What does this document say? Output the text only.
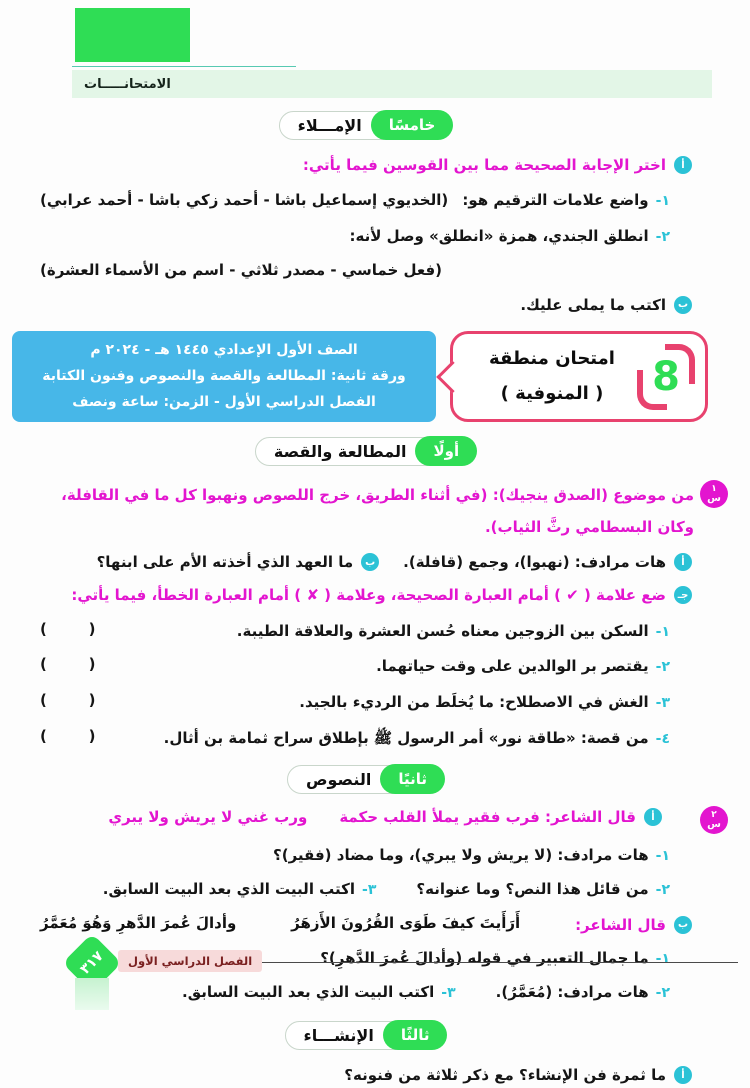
الامتحانـــــات
خامسًا
الإمـــلاء
أ
اختر الإجابة الصحيحة مما بين القوسين فيما يأتي:
١-واضع علامات الترقيم هو:
(الخديوي إسماعيل باشا - أحمد زكي باشا - أحمد عرابي)
٢-انطلق الجندي، همزة «انطلق» وصل لأنه:
(فعل خماسي - مصدر ثلاثي - اسم من الأسماء العشرة)
ب
اكتب ما يملى عليك.
8
امتحان منطقة
( المنوفية )
الصف الأول الإعدادي ١٤٤٥ هـ - ٢٠٢٤ م
ورقة ثانية: المطالعة والقصة والنصوص وفنون الكتابة
الفصل الدراسي الأول - الزمن: ساعة ونصف
أولًا
المطالعة والقصة
١
س
من موضوع (الصدق ينجيك): (في أثناء الطريق، خرج اللصوص ونهبوا كل ما في القافلة، وكان البسطامي رثَّ الثياب).
أ
هات مرادف: (نهبوا)، وجمع (قافلة).
ب
ما العهد الذي أخذته الأم على ابنها؟
جـ
ضع علامة ( ✔ ) أمام العبارة الصحيحة، وعلامة ( ✘ ) أمام العبارة الخطأ، فيما يأتي:
١-السكن بين الزوجين معناه حُسن العشرة والعلاقة الطيبة.
(        )
٢-يقتصر بر الوالدين على وقت حياتهما.
(        )
٣-الغش في الاصطلاح: ما يُخلَط من الرديء بالجيد.
(        )
٤-من قصة: «طاقة نور» أمر الرسول ﷺ بإطلاق سراح ثمامة بن أثال.
(        )
ثانيًا
النصوص
٢
س
أ
قال الشاعر: فرب فقير يملأ القلب حكمة
ورب غني لا يريش ولا يبري
١-هات مرادف: (لا يريش ولا يبري)، وما مضاد (فقير)؟
٢-من قائل هذا النص؟ وما عنوانه؟
٣-اكتب البيت الذي بعد البيت السابق.
ب
قال الشاعر:
أَرَأَيتَ كيفَ طَوَى القُرُونَ الأَزهَرُ
وأدالَ عُمرَ الدَّهرِ وَهُوَ مُعَمَّرُ
١-ما جمال التعبير في قوله (وأدالَ عُمرَ الدَّهرِ)؟
٢-هات مرادف: (مُعَمَّرُ).
٣-اكتب البيت الذي بعد البيت السابق.
ثالثًا
الإنشـــاء
أ
ما ثمرة فن الإنشاء؟ مع ذكر ثلاثة من فنونه؟
الفصل الدراسي الأول
٣١٧
